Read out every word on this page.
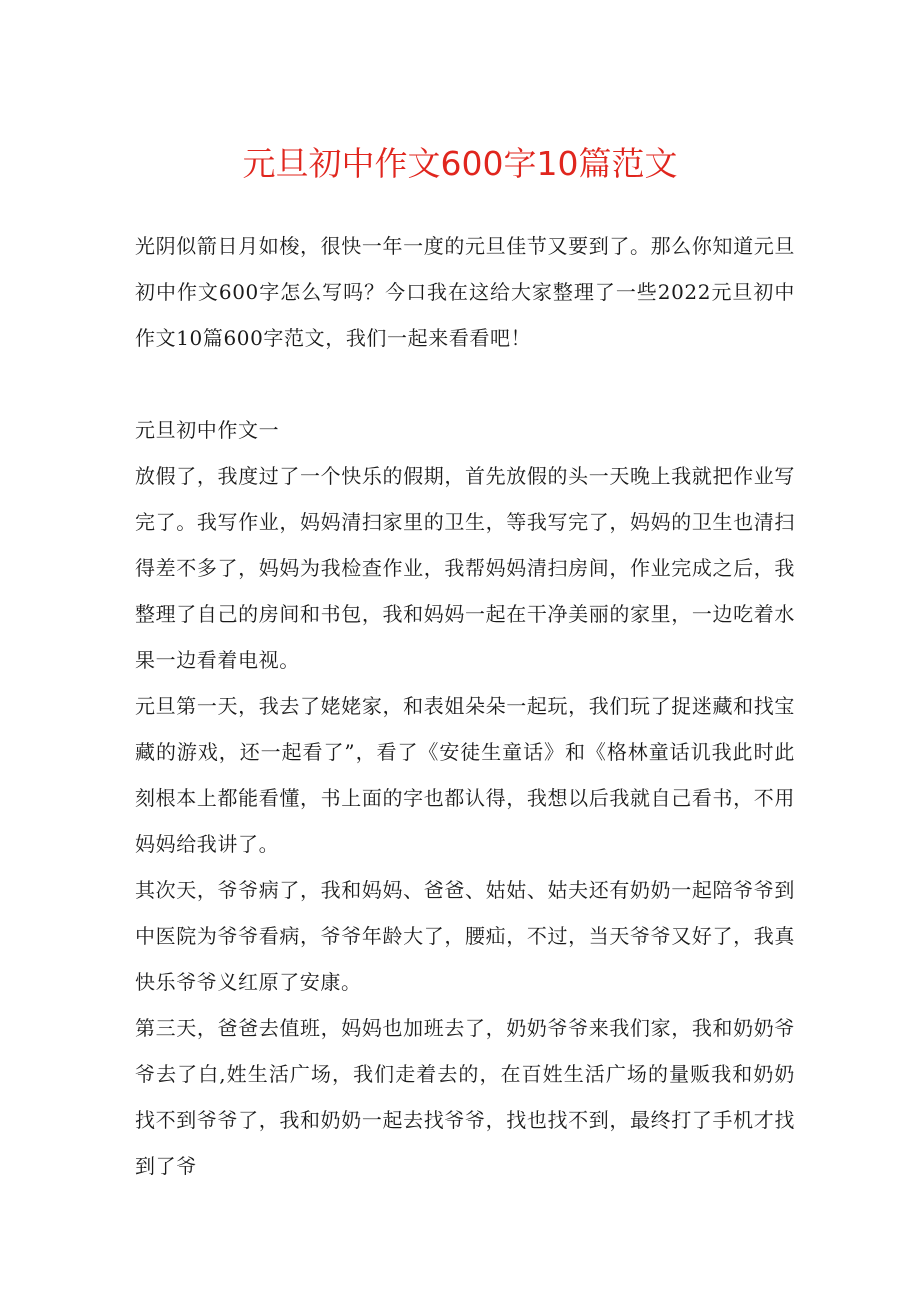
元旦初中作文600字10篇范文

光阴似箭日月如梭，很快一年一度的元旦佳节又要到了。那么你知道元旦初中作文600字怎么写吗？今口我在这给大家整理了一些2022元旦初中作文10篇600字范文，我们一起来看看吧！

元旦初中作文一

放假了，我度过了一个快乐的假期，首先放假的头一天晚上我就把作业写完了。我写作业，妈妈清扫家里的卫生，等我写完了，妈妈的卫生也清扫得差不多了，妈妈为我检查作业，我帮妈妈清扫房间，作业完成之后，我整理了自己的房间和书包，我和妈妈一起在干净美丽的家里，一边吃着水果一边看着电视。

元旦第一天，我去了姥姥家，和表姐朵朵一起玩，我们玩了捉迷藏和找宝藏的游戏，还一起看了”，看了《安徒生童话》和《格林童话讥我此时此刻根本上都能看懂，书上面的字也都认得，我想以后我就自己看书，不用妈妈给我讲了。

其次天，爷爷病了，我和妈妈、爸爸、姑姑、姑夫还有奶奶一起陪爷爷到中医院为爷爷看病，爷爷年龄大了，腰疝，不过，当天爷爷又好了，我真快乐爷爷义红原了安康。

第三天，爸爸去值班，妈妈也加班去了，奶奶爷爷来我们家，我和奶奶爷爷去了白,姓生活广场，我们走着去的，在百姓生活广场的量贩我和奶奶找不到爷爷了，我和奶奶一起去找爷爷，找也找不到，最终打了手机才找到了爷
